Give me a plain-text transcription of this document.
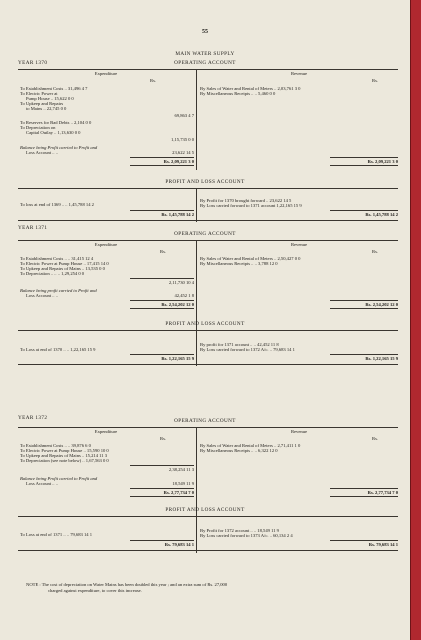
55
MAIN WATER SUPPLY
YEAR 1370	OPERATING ACCOUNT
Expenditure	Revenue
Rs.	Rs.
To Establishment Costs .. 31,496 4 7
To Electric Power at
Pump House .. 15,622 0 0
To Upkeep and Repairs
to Mains .. 22,745 0 0
69,863 4 7
To Reserves for Bad Debts .. 2,104 0 0
To Depreciation on
Capital Outlay .. 1,13,630 0 0
1,15,735 0 0
Balance being Profit carried to Profit and
Loss Account .. ..	23,622 14 5
Rs. 2,09,221 3 0
By Sales of Water and Rental of Meters .. 2,03,761 3 0
By Miscellaneous Receipts .. .. 5,460 0 0
Rs. 2,09,221 3 0
PROFIT AND LOSS ACCOUNT
To loss at end of 1369 .. .. 1,45,788 14 2
By Profit for 1370 brought forward .. 23,622 14 5
By Loss carried forward to 1371 account 1,22,165 15 9
Rs. 1,45,788 14 2	Rs. 1,45,788 14 2
YEAR 1371
OPERATING ACCOUNT
Expenditure	Revenue
Rs.	Rs.
To Establishment Costs .. .. 31,415 12 4
To Electric Power at Pump House .. 17,415 14 0
To Upkeep and Repairs of Mains .. 13,535 0 0
To Depreciation .. .. .. 1,29,254 0 0
2,11,730 10 4
Balance being profit carried to Profit and
Loss Account .. ..	42,452 1 8
Rs. 2,54,202 12 0
By Sales of Water and Rental of Meters .. 2,50,427 0 0
By Miscellaneous Receipts .. .. 3,788 12 0
Rs. 2,54,202 12 0
PROFIT AND LOSS ACCOUNT
To Loss at end of 1370 .. .. 1,22,165 15 9
By profit for 1371 account .. .. 42,452 11 8
By Loss carried forward to 1372 A/c. .. 79,683 14 1
Rs. 1,22,165 15 9	Rs. 1,22,165 15 9
YEAR 1372	OPERATING ACCOUNT
Expenditure	Revenue
Rs.	Rs.
To Establishment Costs .. .. 39,876 6 0
To Electric Power at Pump House .. 15,590 10 0
To Upkeep and Repairs of Mains .. 15,214 11 3
To Depreciation (see note below) .. 1,67,563 0 0
2,38,254 11 3
Balance being Profit carried to Profit and
Loss Account .. ..	18,549 11 9
Rs. 2,77,734 7 0
By Sales of Water and Rental of Meters .. 2,71,411 1 0
By Miscellaneous Receipts .. .. 6,322 12 0
Rs. 2,77,734 7 0
PROFIT AND LOSS ACCOUNT
To Loss at end of 1371 .. .. 79,683 14 1
By Profit for 1372 account .. .. 18,549 11 9
By Loss carried forward to 1373 A/c. .. 60,134 2 4
Rs. 79,683 14 1	Rs. 79,683 14 1
NOTE : The cost of depreciation on Water Mains has been doubled this year ; and an extra sum of Rs. 27,000
charged against expenditure, to cover this increase.
